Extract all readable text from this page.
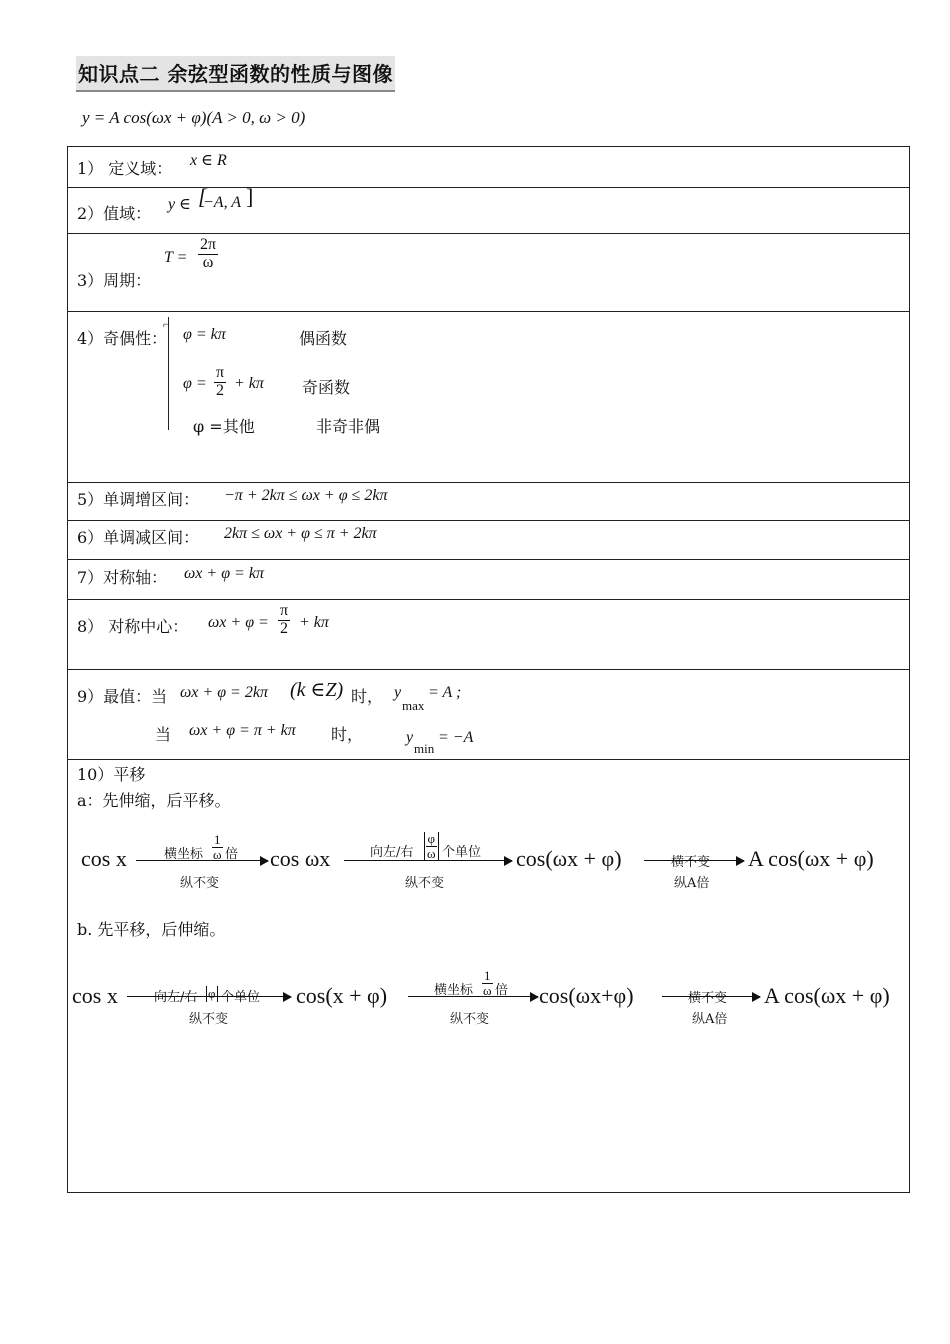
知识点二 余弦型函数的性质与图像
y = A cos(ωx + φ)(A > 0, ω > 0)
1） 定义域： x ∈ R
2）值域： y ∈ [
−A, A ]
3）周期：
$T = \frac{2\pi}{\omega}$
4）奇偶性：
⌐
φ = kπ	偶函数
$\varphi = \frac{\pi}{2} + k\pi$ 奇函数
φ =其他	非奇非偶
5）单调增区间： −π + 2kπ ≤ ωx + φ ≤ 2kπ
6）单调减区间： 2kπ ≤ ωx + φ ≤ π + 2kπ
7）对称轴： ωx + φ = kπ
8） 对称中心： $\omega x + \varphi = \frac{\pi}{2} + k\pi$
9）最值：当 ωx + φ = 2kπ (k ∈Z) 时， y
max
= A ;
当 ωx + φ = π + kπ 时，	y
min
= −A
10）平移
a：先伸缩，后平移。
cos x	横坐标 $\frac{1}{\omega}$ 倍
纵不变
cos ωx	向左/右 $\frac{\varphi}{\omega}$ 个单位
纵不变
cos(ωx + φ)	横不变
纵A倍
A cos(ωx + φ)
b. 先平移，后伸缩。
cos x	向左/右 φ 个单位
纵不变
cos(x + φ)	横坐标 $\frac{1}{\omega}$ 倍
纵不变
cos(ωx+φ)	横不变
纵A倍
A cos(ωx + φ)
